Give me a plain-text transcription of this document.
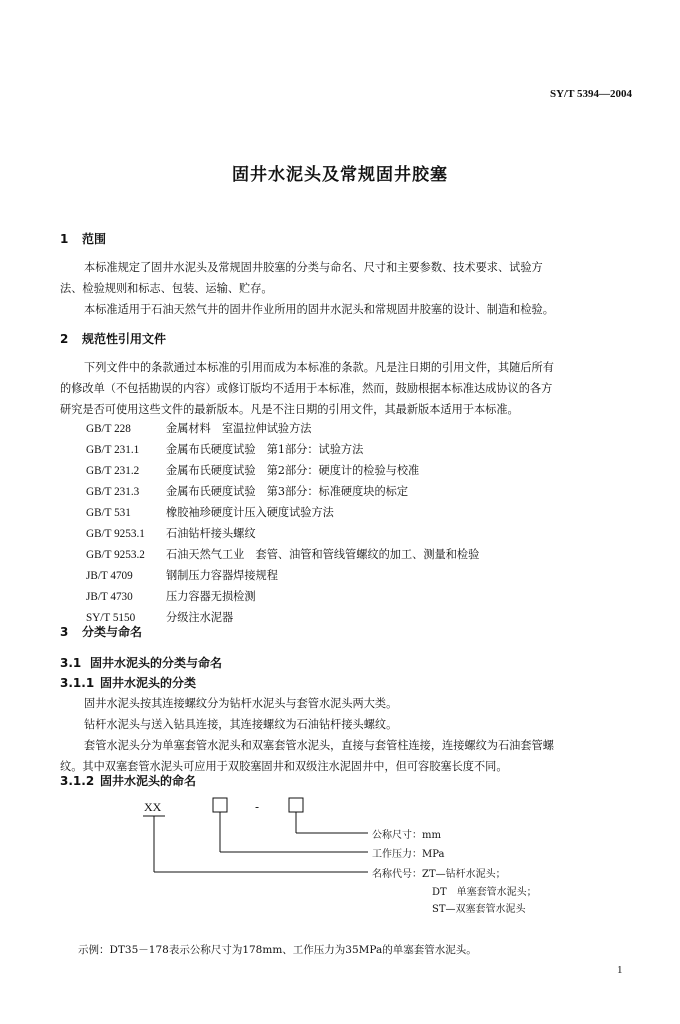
SY/T 5394—2004
固井水泥头及常规固井胶塞
1 范围
本标准规定了固井水泥头及常规固井胶塞的分类与命名、尺寸和主要参数、技术要求、试验方
法、检验规则和标志、包装、运输、贮存。
本标准适用于石油天然气井的固井作业所用的固井水泥头和常规固井胶塞的设计、制造和检验。
2 规范性引用文件
下列文件中的条款通过本标准的引用而成为本标准的条款。凡是注日期的引用文件，其随后所有
的修改单（不包括勘误的内容）或修订版均不适用于本标准，然而，鼓励根据本标准达成协议的各方
研究是否可使用这些文件的最新版本。凡是不注日期的引用文件，其最新版本适用于本标准。
GB/T 228	金属材料　室温拉伸试验方法
GB/T 231.1 金属布氏硬度试验　第1部分：试验方法
GB/T 231.2 金属布氏硬度试验　第2部分：硬度计的检验与校准
GB/T 231.3 金属布氏硬度试验　第3部分：标准硬度块的标定
GB/T 531	橡胶袖珍硬度计压入硬度试验方法
GB/T 9253.1 石油钻杆接头螺纹
GB/T 9253.2 石油天然气工业　套管、油管和管线管螺纹的加工、测量和检验
JB/T 4709	钢制压力容器焊接规程
JB/T 4730	压力容器无损检测
SY/T 5150	分级注水泥器
3 分类与命名
3.1 固井水泥头的分类与命名
3.1.1 固井水泥头的分类
固井水泥头按其连接螺纹分为钻杆水泥头与套管水泥头两大类。
钻杆水泥头与送入钻具连接，其连接螺纹为石油钻杆接头螺纹。
套管水泥头分为单塞套管水泥头和双塞套管水泥头，直接与套管柱连接，连接螺纹为石油套管螺
纹。其中双塞套管水泥头可应用于双胶塞固井和双级注水泥固井中，但可容胶塞长度不同。
3.1.2 固井水泥头的命名
XX	-
公称尺寸：mm
工作压力：MPa
名称代号：ZT—钻杆水泥头；
DT　单塞套管水泥头；
ST—双塞套管水泥头
示例：DT35－178表示公称尺寸为178mm、工作压力为35MPa的单塞套管水泥头。
1
